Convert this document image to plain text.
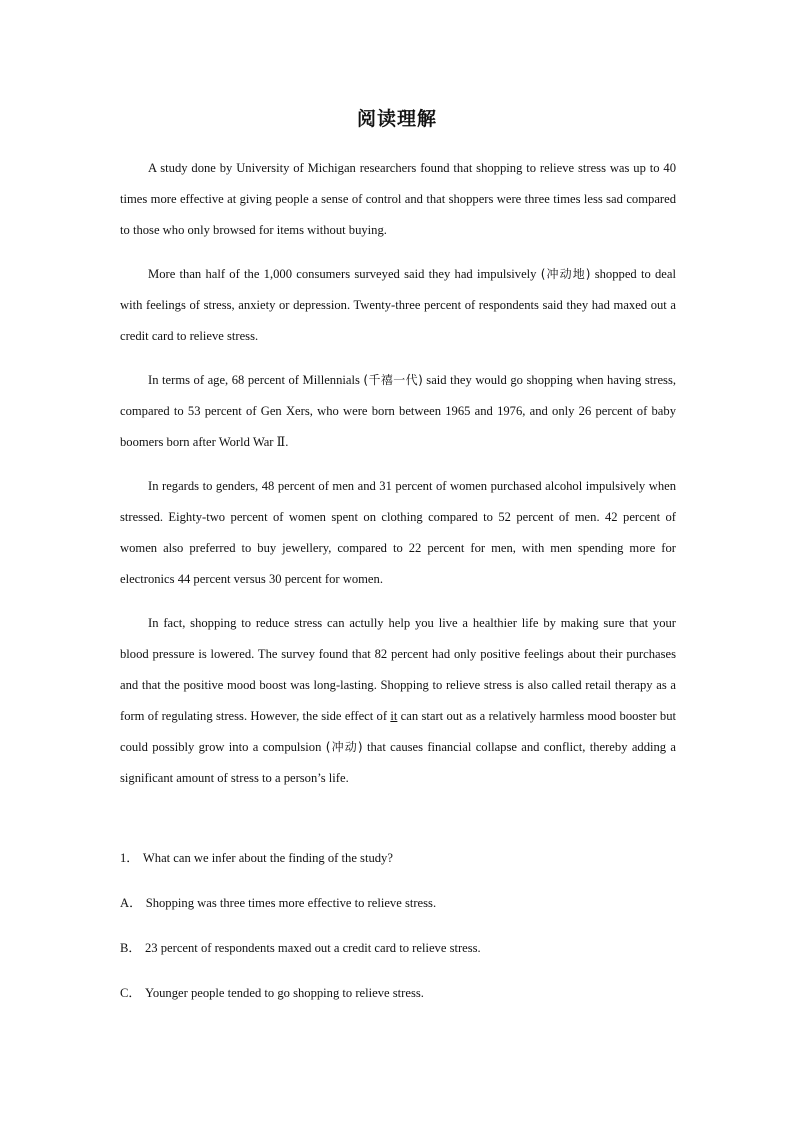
阅读理解

A study done by University of Michigan researchers found that shopping to relieve stress was up to 40 times more effective at giving people a sense of control and that shoppers were three times less sad compared to those who only browsed for items without buying.

More than half of the 1,000 consumers surveyed said they had impulsively (冲动地) shopped to deal with feelings of stress, anxiety or depression. Twenty-three percent of respondents said they had maxed out a credit card to relieve stress.

In terms of age, 68 percent of Millennials (千禧一代) said they would go shopping when having stress, compared to 53 percent of Gen Xers, who were born between 1965 and 1976, and only 26 percent of baby boomers born after World War Ⅱ.

In regards to genders, 48 percent of men and 31 percent of women purchased alcohol impulsively when stressed. Eighty-two percent of women spent on clothing compared to 52 percent of men. 42 percent of women also preferred to buy jewellery, compared to 22 percent for men, with men spending more for electronics 44 percent versus 30 percent for women.

In fact, shopping to reduce stress can actully help you live a healthier life by making sure that your blood pressure is lowered. The survey found that 82 percent had only positive feelings about their purchases and that the positive mood boost was long-lasting. Shopping to relieve stress is also called retail therapy as a form of regulating stress. However, the side effect of it can start out as a relatively harmless mood booster but could possibly grow into a compulsion (冲动) that causes financial collapse and conflict, thereby adding a significant amount of stress to a person’s life.

1． What can we infer about the finding of the study?

A． Shopping was three times more effective to relieve stress.

B． 23 percent of respondents maxed out a credit card to relieve stress.

C． Younger people tended to go shopping to relieve stress.
